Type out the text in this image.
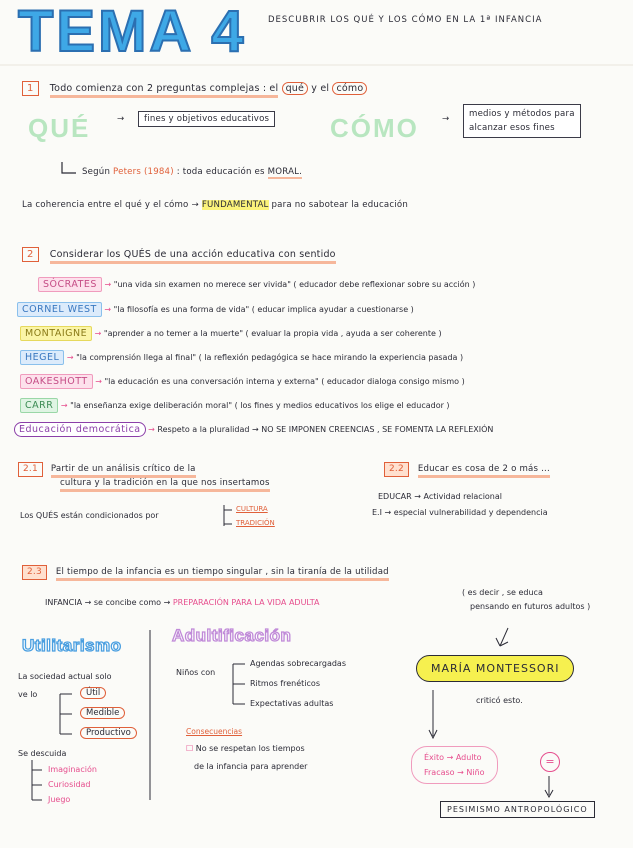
TEMA 4	DESCUBRIR LOS QUÉ Y LOS CÓMO EN LA 1ª INFANCIA
1 Todo comienza con 2 preguntas complejas : el qué y el cómo
QUÉ	→	fines y objetivos educativos CÓMO	→ medios y métodos para
alcanzar esos fines
Según Peters (1984) : toda educación es MORAL.
La coherencia entre el qué y el cómo → FUNDAMENTAL para no sabotear la educación
2 Considerar los QUÉS de una acción educativa con sentido
SÓCRATES → "una vida sin examen no merece ser vivida" ( educador debe reflexionar sobre su acción )
CORNEL WEST → "la filosofía es una forma de vida" ( educar implica ayudar a cuestionarse )
MONTAIGNE → "aprender a no temer a la muerte" ( evaluar la propia vida , ayuda a ser coherente )
HEGEL → "la comprensión llega al final" ( la reflexión pedagógica se hace mirando la experiencia pasada )
OAKESHOTT → "la educación es una conversación interna y externa" ( educador dialoga consigo mismo )
CARR → "la enseñanza exige deliberación moral" ( los fines y medios educativos los elige el educador )
Educación democrática → Respeto a la pluralidad → NO SE IMPONEN CREENCIAS , SE FOMENTA LA REFLEXIÓN
2.1 Partir de un análisis crítico de la
cultura y la tradición en la que nos insertamos
Los QUÉS están condicionados por
CULTURA
TRADICIÓN
2.2 Educar es cosa de 2 o más ...
EDUCAR → Actividad relacional
E.I → especial vulnerabilidad y dependencia
2.3 El tiempo de la infancia es un tiempo singular , sin la tiranía de la utilidad
INFANCIA → se concibe como → PREPARACIÓN PARA LA VIDA ADULTA
( es decir , se educa
pensando en futuros adultos )
Utilitarismo
La sociedad actual solo
ve lo	Útil
Medible
Productivo
Se descuida
Imaginación
Curiosidad
Juego
Adultificación
Niños con
Agendas sobrecargadas
Ritmos frenéticos
Expectativas adultas
Consecuencias
☐ No se respetan los tiempos
de la infancia para aprender
MARÍA MONTESSORI
criticó esto.
Éxito → Adulto
Fracaso → Niño
=
PESIMISMO ANTROPOLÓGICO
